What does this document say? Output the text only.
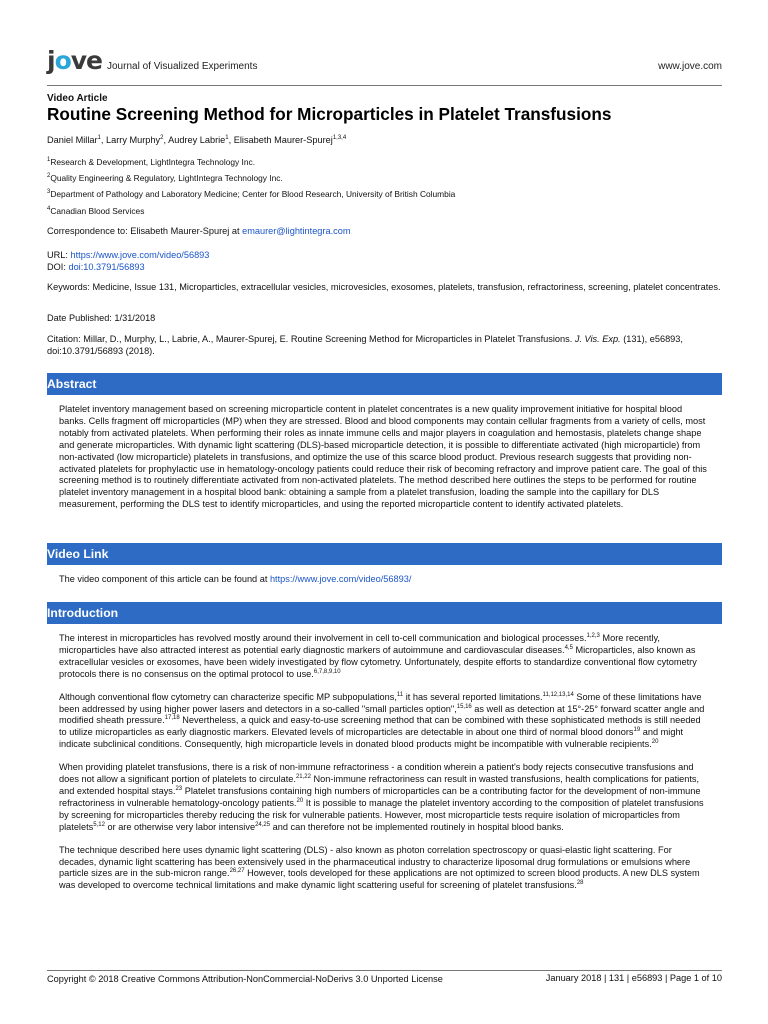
jove Journal of Visualized Experiments	www.jove.com
Video Article
Routine Screening Method for Microparticles in Platelet Transfusions
Daniel Millar$^1$, Larry Murphy$^2$, Audrey Labrie$^1$, Elisabeth Maurer-Spurej$^{1,3,4}$
$^1$Research & Development, LightIntegra Technology Inc.
$^2$Quality Engineering & Regulatory, LightIntegra Technology Inc.
$^3$Department of Pathology and Laboratory Medicine; Center for Blood Research, University of British Columbia
$^4$Canadian Blood Services
Correspondence to: Elisabeth Maurer-Spurej at emaurer@lightintegra.com
URL: https://www.jove.com/video/56893
DOI: doi:10.3791/56893
Keywords: Medicine, Issue 131, Microparticles, extracellular vesicles, microvesicles, exosomes, platelets, transfusion, refractoriness, screening, platelet concentrates.
Date Published: 1/31/2018
Citation: Millar, D., Murphy, L., Labrie, A., Maurer-Spurej, E. Routine Screening Method for Microparticles in Platelet Transfusions. J. Vis. Exp. (131), e56893, doi:10.3791/56893 (2018).
Abstract
Platelet inventory management based on screening microparticle content in platelet concentrates is a new quality improvement initiative for hospital blood banks. Cells fragment off microparticles (MP) when they are stressed. Blood and blood components may contain cellular fragments from a variety of cells, most notably from activated platelets. When performing their roles as innate immune cells and major players in coagulation and hemostasis, platelets change shape and generate microparticles. With dynamic light scattering (DLS)-based microparticle detection, it is possible to differentiate activated (high microparticle) from non-activated (low microparticle) platelets in transfusions, and optimize the use of this scarce blood product. Previous research suggests that providing non-activated platelets for prophylactic use in hematology-oncology patients could reduce their risk of becoming refractory and improve patient care. The goal of this screening method is to routinely differentiate activated from non-activated platelets. The method described here outlines the steps to be performed for routine platelet inventory management in a hospital blood bank: obtaining a sample from a platelet transfusion, loading the sample into the capillary for DLS measurement, performing the DLS test to identify microparticles, and using the reported microparticle content to identify activated platelets.
Video Link
The video component of this article can be found at https://www.jove.com/video/56893/
Introduction

The interest in microparticles has revolved mostly around their involvement in cell to-cell communication and biological processes.$^{1,2,3}$ More recently, microparticles have also attracted interest as potential early diagnostic markers of autoimmune and cardiovascular diseases.$^{4,5}$ Microparticles, also known as extracellular vesicles or exosomes, have been widely investigated by flow cytometry. Unfortunately, despite efforts to standardize conventional flow cytometry protocols there is no consensus on the optimal protocol to use.$^{6,7,8,9,10}$

Although conventional flow cytometry can characterize specific MP subpopulations,$^{11}$ it has several reported limitations.$^{11,12,13,14}$ Some of these limitations have been addressed by using higher power lasers and detectors in a so-called "small particles option",$^{15,16}$ as well as detection at 15°-25° forward scatter angle and modified sheath pressure.$^{17,18}$ Nevertheless, a quick and easy-to-use screening method that can be combined with these sophisticated methods is still needed to utilize microparticles as early diagnostic markers. Elevated levels of microparticles are detectable in about one third of normal blood donors$^{19}$ and might indicate subclinical conditions. Consequently, high microparticle levels in donated blood products might be incompatible with vulnerable recipients.$^{20}$

When providing platelet transfusions, there is a risk of non-immune refractoriness - a condition wherein a patient's body rejects consecutive transfusions and does not allow a significant portion of platelets to circulate.$^{21,22}$ Non-immune refractoriness can result in wasted transfusions, health complications for patients, and extended hospital stays.$^{23}$ Platelet transfusions containing high numbers of microparticles can be a contributing factor for the development of non-immune refractoriness in vulnerable hematology-oncology patients.$^{20}$ It is possible to manage the platelet inventory according to the composition of platelet transfusions by screening for microparticles thereby reducing the risk for vulnerable patients. However, most microparticle tests require isolation of microparticles from platelets$^{5,12}$ or are otherwise very labor intensive$^{24,25}$ and can therefore not be implemented routinely in hospital blood banks.

The technique described here uses dynamic light scattering (DLS) - also known as photon correlation spectroscopy or quasi-elastic light scattering. For decades, dynamic light scattering has been extensively used in the pharmaceutical industry to characterize liposomal drug formulations or emulsions where particle sizes are in the sub-micron range.$^{26,27}$ However, tools developed for these applications are not optimized to screen blood products. A new DLS system was developed to overcome technical limitations and make dynamic light scattering useful for screening of platelet transfusions.$^{28}$

Copyright © 2018 Creative Commons Attribution-NonCommercial-NoDerivs 3.0 Unported License	January 2018 | 131 | e56893 | Page 1 of 10
